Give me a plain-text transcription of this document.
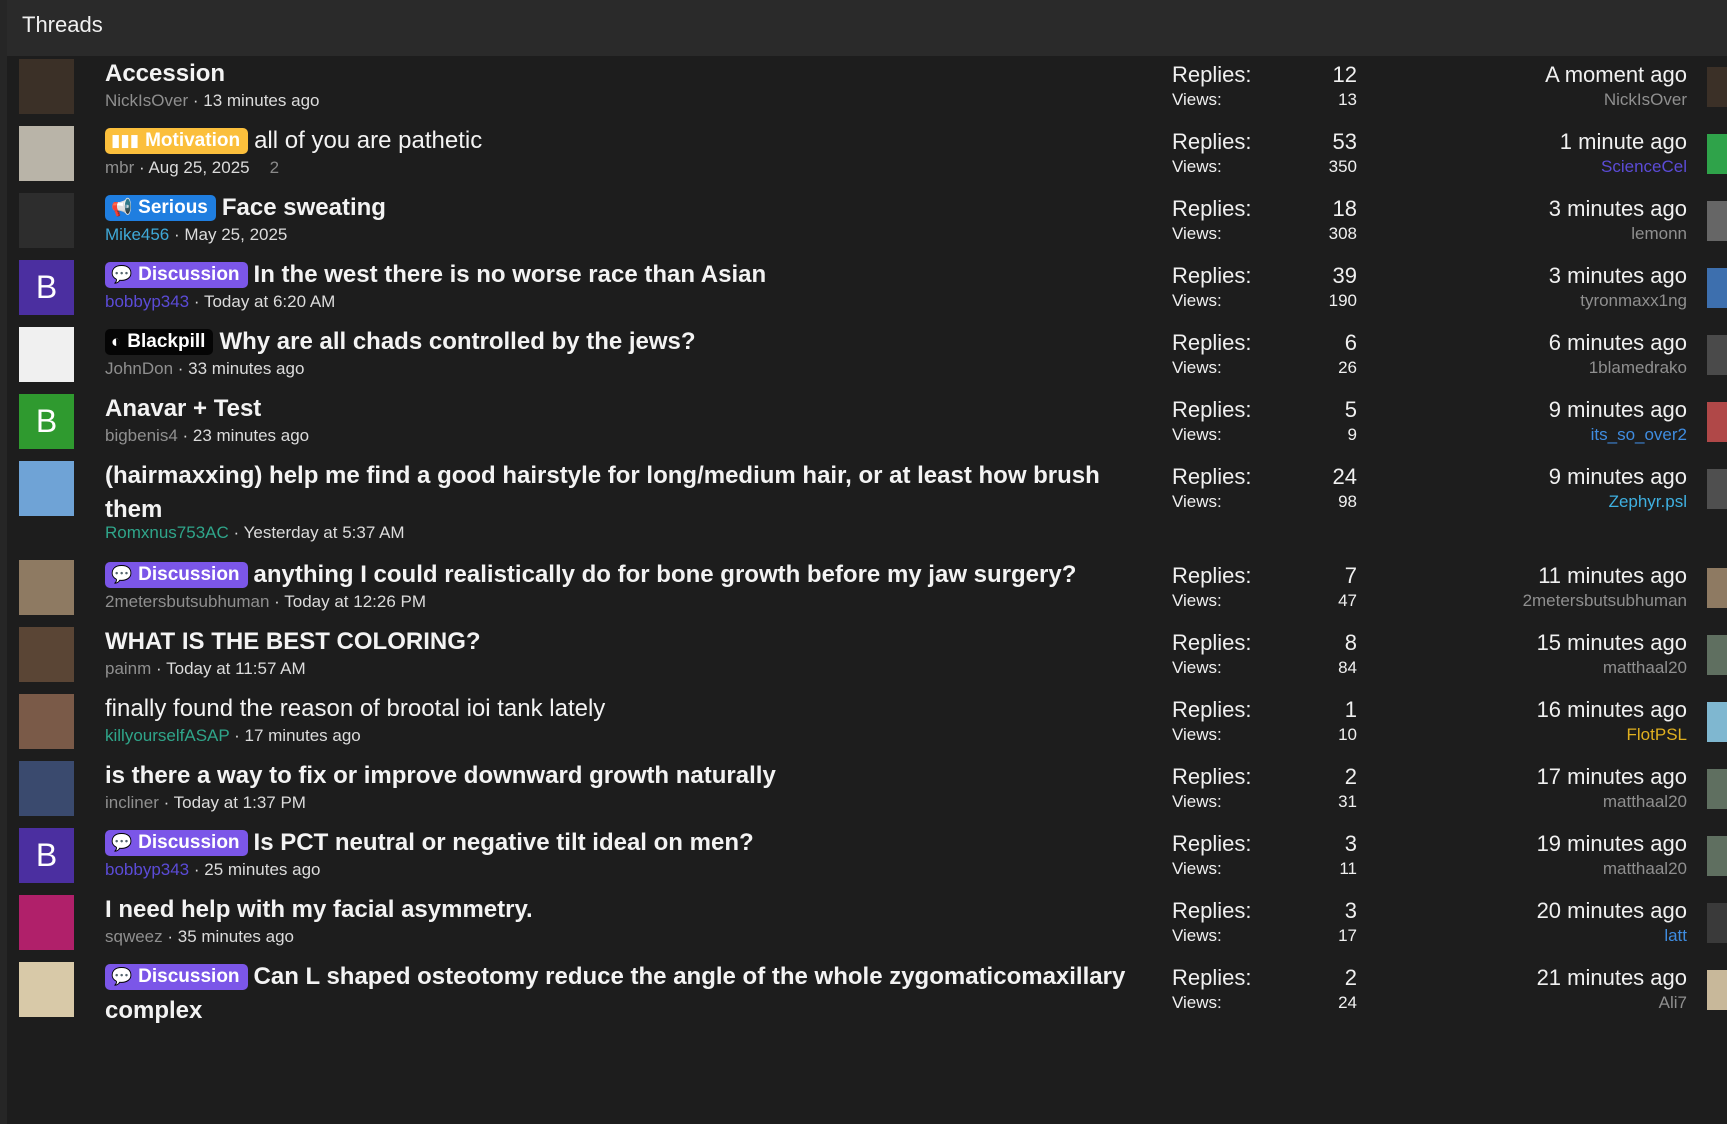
Threads
Accession
NickIsOver · 13 minutes ago
Replies:	12
Views:	13
A moment ago
NickIsOver
▮▮▮ Motivation all of you are pathetic
mbr · Aug 25, 2025 2
Replies:	53
Views:	350
1 minute ago
ScienceCel
📢 Serious Face sweating
Mike456 · May 25, 2025
Replies:	18
Views:	308
3 minutes ago
lemonn
B	💬 Discussion In the west there is no worse race than Asian
bobbyp343 · Today at 6:20 AM
Replies:	39
Views:	190
3 minutes ago
tyronmaxx1ng
◐ Blackpill Why are all chads controlled by the jews?
JohnDon · 33 minutes ago
Replies:	6
Views:	26
6 minutes ago
1blamedrako
B	Anavar + Test
bigbenis4 · 23 minutes ago
Replies:	5
Views:	9
9 minutes ago
its_so_over2
(hairmaxxing) help me find a good hairstyle for long/medium hair, or at least how brush them
Romxnus753AC · Yesterday at 5:37 AM
Replies:	24
Views:	98
9 minutes ago
Zephyr.psl
💬 Discussion anything I could realistically do for bone growth before my jaw surgery?
2metersbutsubhuman · Today at 12:26 PM
Replies:	7
Views:	47
11 minutes ago
2metersbutsubhuman
WHAT IS THE BEST COLORING?
painm · Today at 11:57 AM
Replies:	8
Views:	84
15 minutes ago
matthaal20
finally found the reason of brootal ioi tank lately
killyourselfASAP · 17 minutes ago
Replies:	1
Views:	10
16 minutes ago
FlotPSL
is there a way to fix or improve downward growth naturally
incliner · Today at 1:37 PM
Replies:	2
Views:	31
17 minutes ago
matthaal20
B	💬 Discussion Is PCT neutral or negative tilt ideal on men?
bobbyp343 · 25 minutes ago
Replies:	3
Views:	11
19 minutes ago
matthaal20
I need help with my facial asymmetry.
sqweez · 35 minutes ago
Replies:	3
Views:	17
20 minutes ago
latt
💬 Discussion Can L shaped osteotomy reduce the angle of the whole zygomaticomaxillary complex
Replies:	2
Views:	24
21 minutes ago
Ali7
